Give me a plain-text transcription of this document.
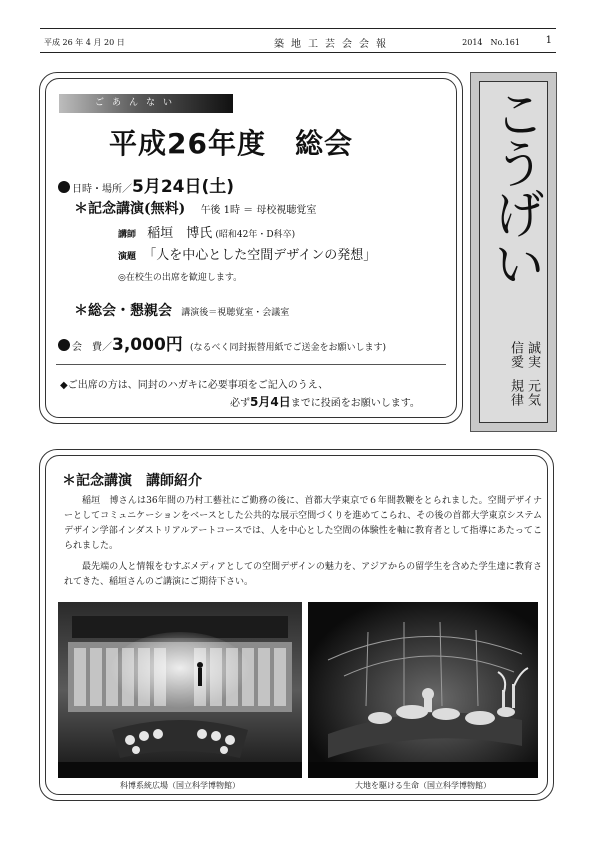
平成 26 年 4 月 20 日	築地工芸会会報	2014　No.161	1
ごあんない
平成26年度　総会
日時・場所／5月24日(土)
＊記念講演(無料) 午後 1時 ＝ 母校視聴覚室
講師 稲垣　博氏 (昭和42年・D科卒)
演題 「人を中心とした空間デザインの発想」
◎在校生の出席を歓迎します。
＊総会・懇親会 講演後＝視聴覚室・会議室
会　費／3,000円 (なるべく同封振替用紙でご送金をお願いします)
◆ご出席の方は、同封のハガキに必要事項をご記入のうえ、
必ず5月4日までに投函をお願いします。
こうげい
誠実
信愛
元気
規律
＊記念講演　講師紹介
稲垣　博さんは36年間の乃村工藝社にご勤務の後に、首都大学東京で６年間教鞭をとられました。空間デザイナーとしてコミュニケーションをベースとした公共的な展示空間づくりを進めてこられ、その後の首都大学東京システムデザイン学部インダストリアルアートコースでは、人を中心とした空間の体験性を軸に教育者として指導にあたってこられました。
最先端の人と情報をむすぶメディアとしての空間デザインの魅力を、アジアからの留学生を含めた学生達に教育されてきた、稲垣さんのご講演にご期待下さい。
科博系統広場（国立科学博物館）	大地を駆ける生命（国立科学博物館）
